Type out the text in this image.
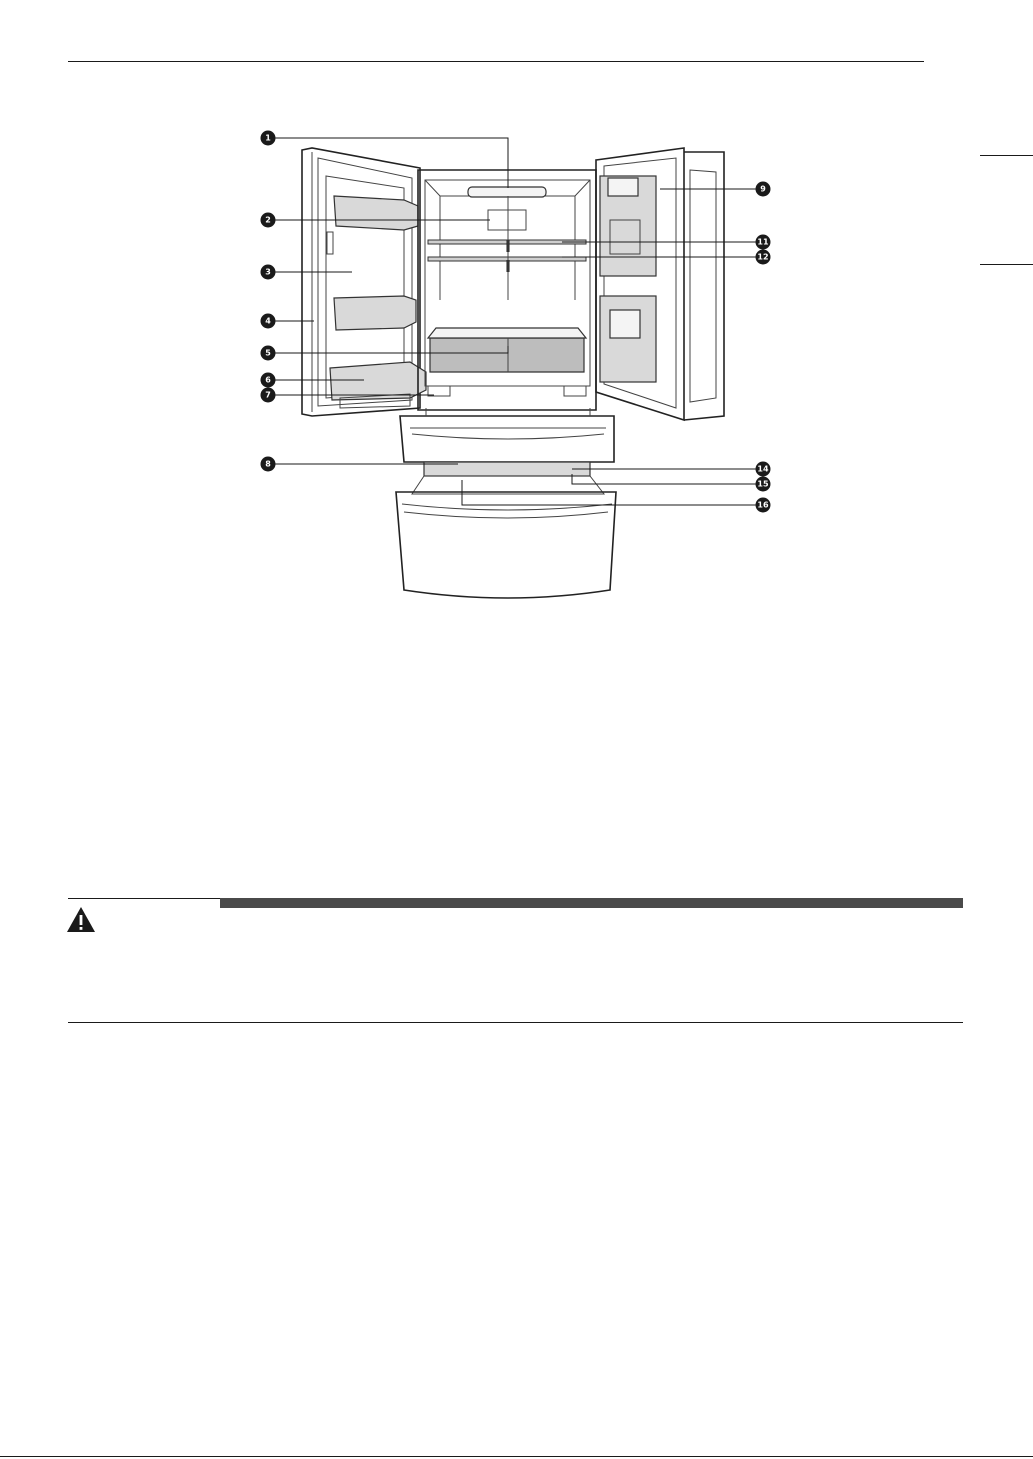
1
2
3
4
5
6
7
8
9
11
12
14
15
16
